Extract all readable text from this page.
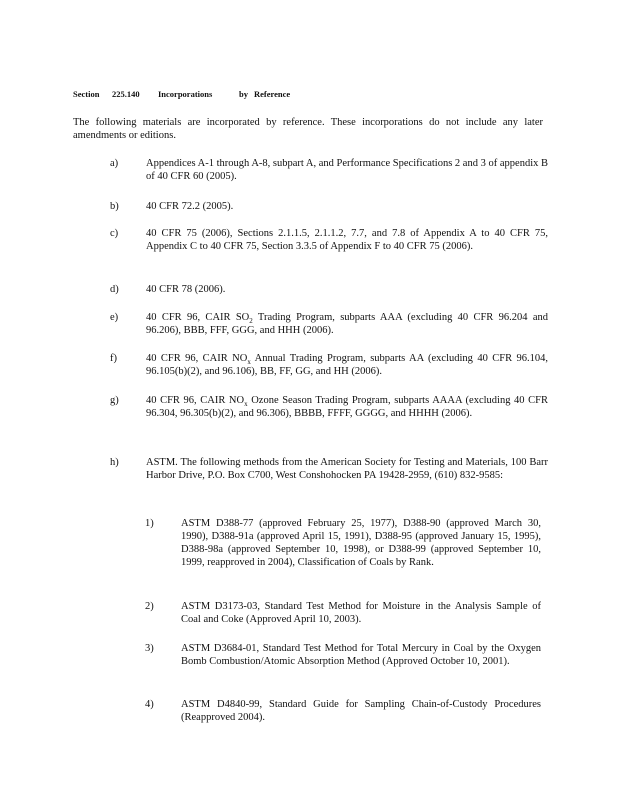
Section 225.140 Incorporations	by Reference
The following materials are incorporated by reference. These incorporations do not include any later amendments or editions.
a)	Appendices A-1 through A-8, subpart A, and Performance Specifications 2 and 3 of appendix B of 40 CFR 60 (2005).
b)	40 CFR 72.2 (2005).
c)	40 CFR 75 (2006), Sections 2.1.1.5, 2.1.1.2, 7.7, and 7.8 of Appendix A to 40 CFR 75, Appendix C to 40 CFR 75, Section 3.3.5 of Appendix F to 40 CFR 75 (2006).
d)	40 CFR 78 (2006).
e)	40 CFR 96, CAIR $SO_2$ Trading Program, subparts AAA (excluding 40 CFR 96.204 and 96.206), BBB, FFF, GGG, and HHH (2006).
f)	40 CFR 96, CAIR $NO_x$ Annual Trading Program, subparts AA (excluding 40 CFR 96.104, 96.105(b)(2), and 96.106), BB, FF, GG, and HH (2006).
g)	40 CFR 96, CAIR $NO_x$ Ozone Season Trading Program, subparts AAAA (excluding 40 CFR 96.304, 96.305(b)(2), and 96.306), BBBB, FFFF, GGGG, and HHHH (2006).
h)	ASTM. The following methods from the American Society for Testing and Materials, 100 Barr Harbor Drive, P.O. Box C700, West Conshohocken PA 19428-2959, (610) 832-9585:
1)	ASTM D388-77 (approved February 25, 1977), D388-90 (approved March 30, 1990), D388-91a (approved April 15, 1991), D388-95 (approved January 15, 1995), D388-98a (approved September 10, 1998), or D388-99 (approved September 10, 1999, reapproved in 2004), Classification of Coals by Rank.
2)	ASTM D3173-03, Standard Test Method for Moisture in the Analysis Sample of Coal and Coke (Approved April 10, 2003).
3)	ASTM D3684-01, Standard Test Method for Total Mercury in Coal by the Oxygen Bomb Combustion/Atomic Absorption Method (Approved October 10, 2001).
4)	ASTM D4840-99, Standard Guide for Sampling Chain-of-Custody Procedures (Reapproved 2004).
